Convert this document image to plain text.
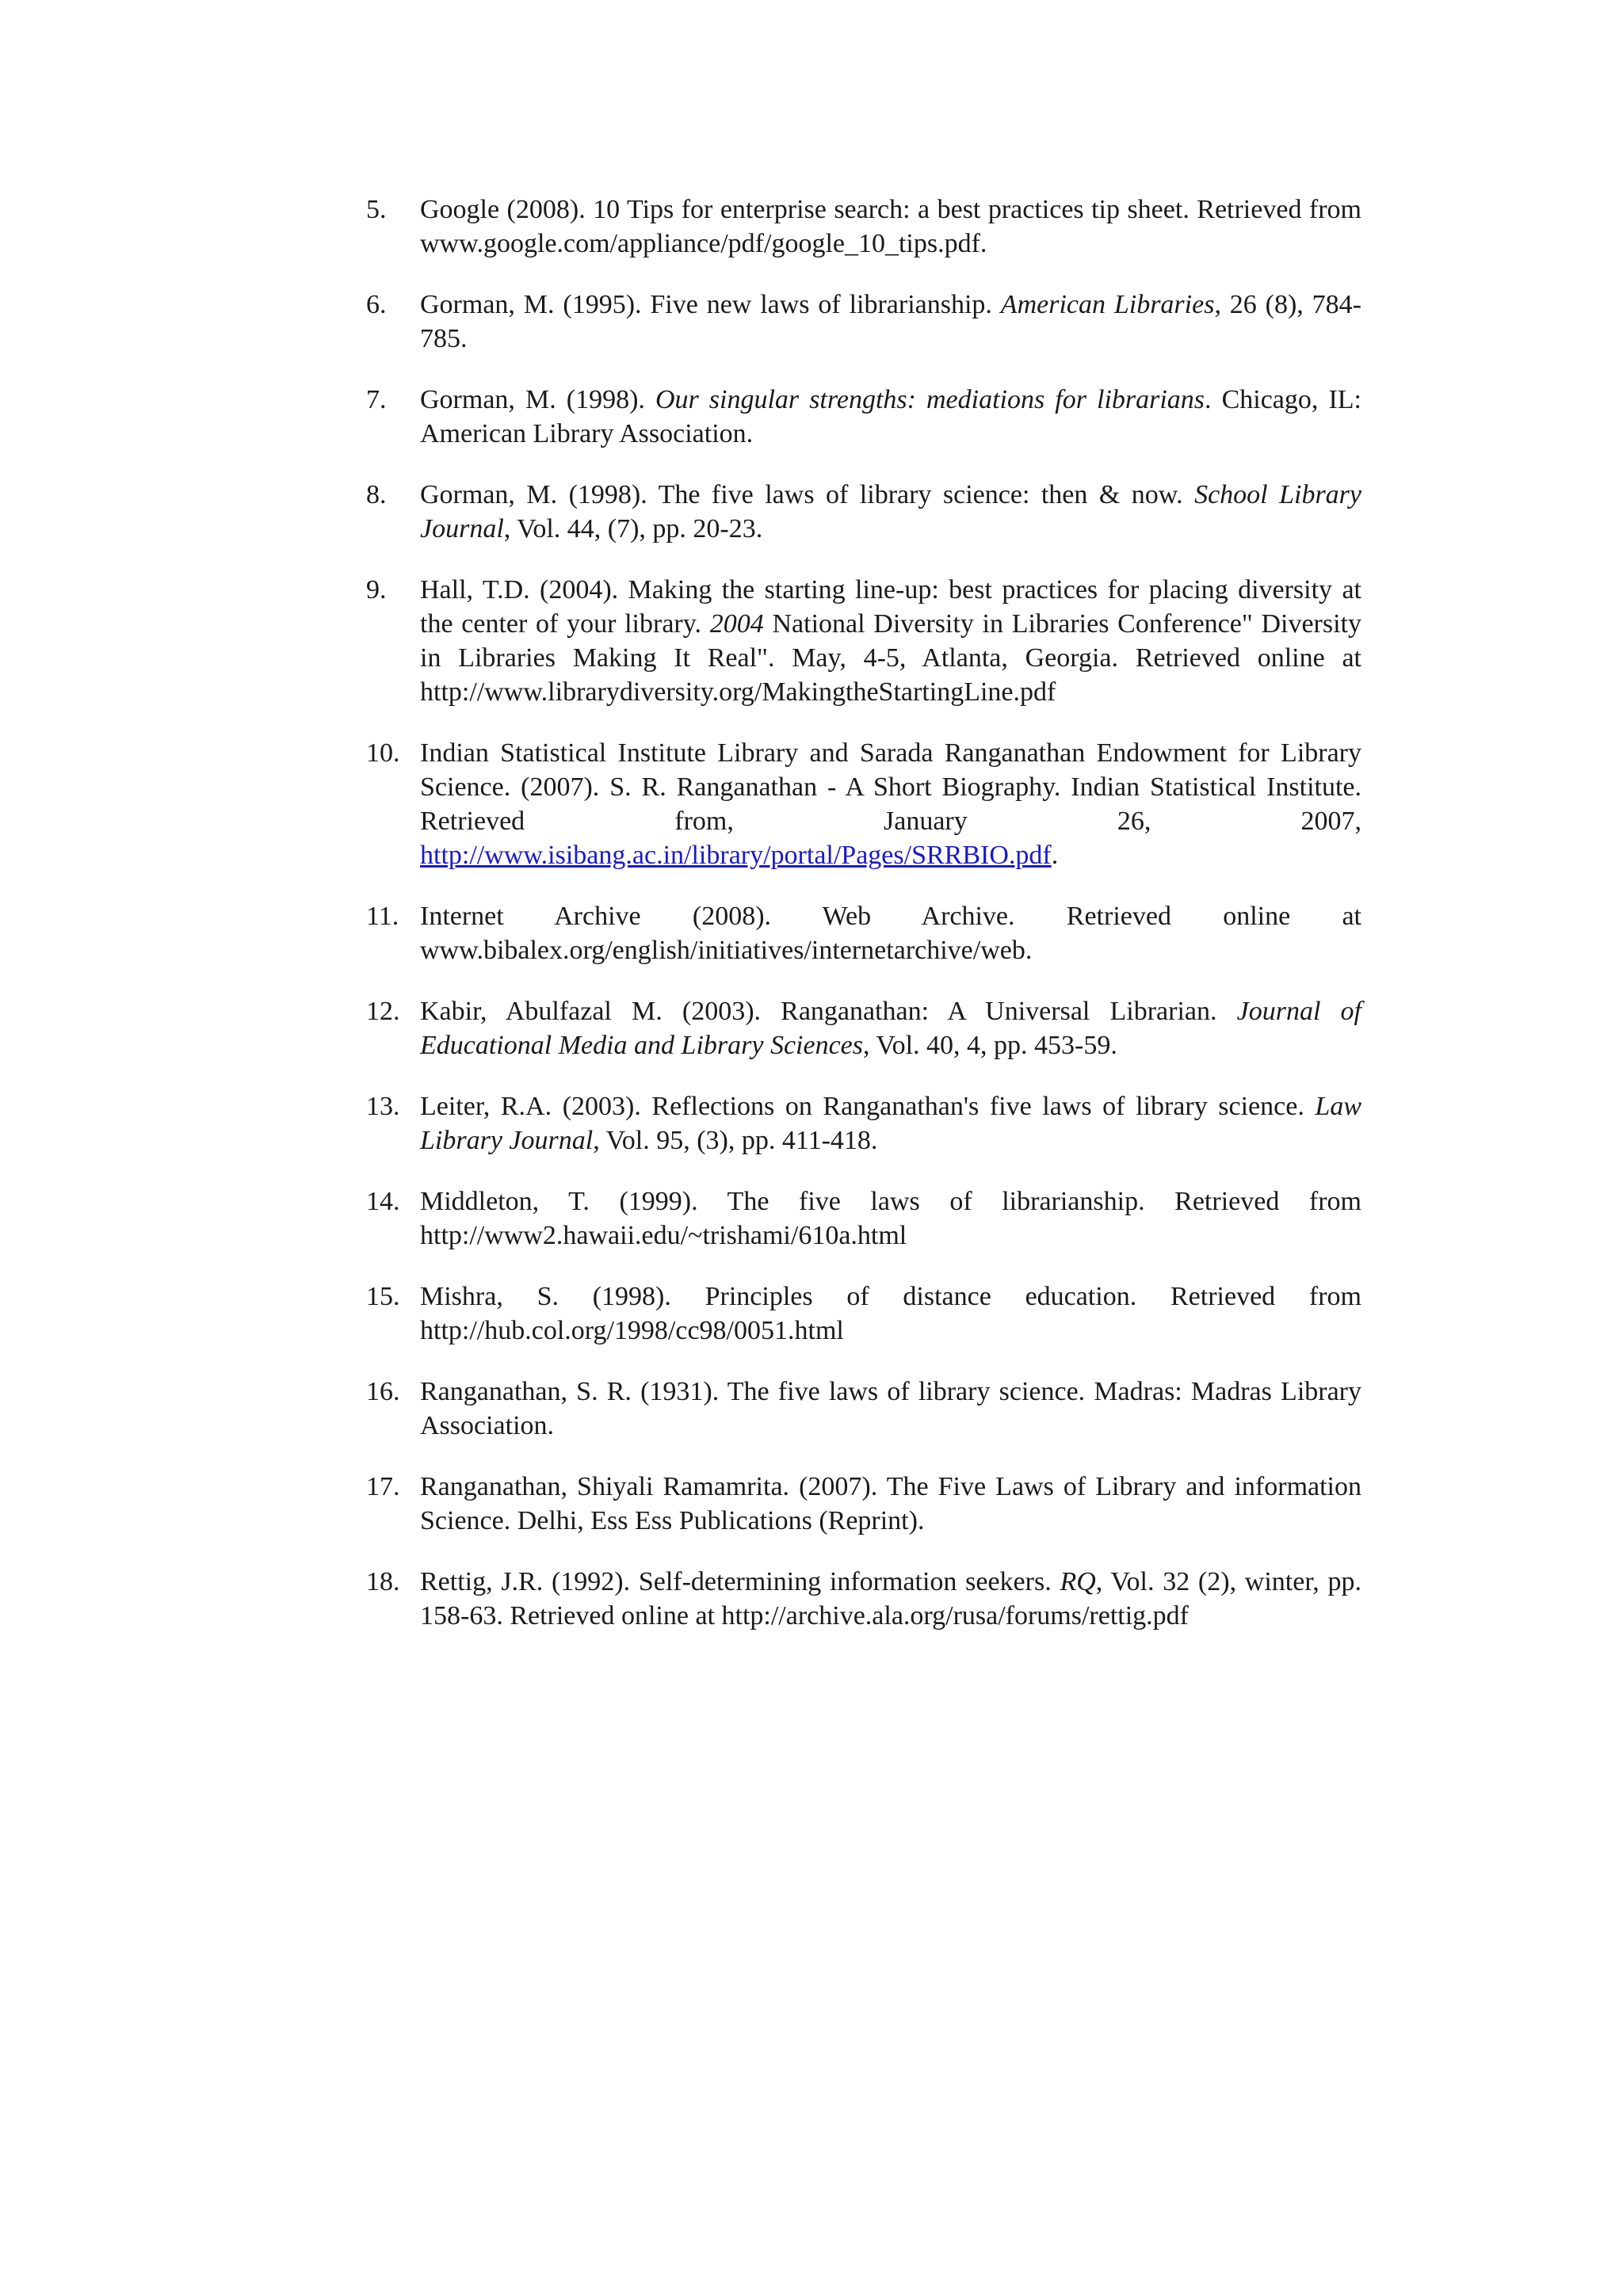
5.	Google (2008). 10 Tips for enterprise search: a best practices tip sheet. Retrieved from www.google.com/appliance/pdf/google_10_tips.pdf.
6.	Gorman, M. (1995). Five new laws of librarianship. American Libraries, 26 (8), 784-785.
7.	Gorman, M. (1998). Our singular strengths: mediations for librarians. Chicago, IL: American Library Association.
8.	Gorman, M. (1998). The five laws of library science: then & now. School Library Journal, Vol. 44, (7), pp. 20-23.
9.	Hall, T.D. (2004). Making the starting line-up: best practices for placing diversity at the center of your library. 2004 National Diversity in Libraries Conference" Diversity in Libraries Making It Real". May, 4-5, Atlanta, Georgia. Retrieved online at http://www.librarydiversity.org/MakingtheStartingLine.pdf
10. Indian Statistical Institute Library and Sarada Ranganathan Endowment for Library Science. (2007). S. R. Ranganathan - A Short Biography. Indian Statistical Institute. Retrieved from, January 26, 2007, http://www.isibang.ac.in/library/portal/Pages/SRRBIO.pdf.
11. Internet Archive (2008). Web Archive. Retrieved online at www.bibalex.org/english/initiatives/internetarchive/web.
12. Kabir, Abulfazal M. (2003). Ranganathan: A Universal Librarian. Journal of Educational Media and Library Sciences, Vol. 40, 4, pp. 453-59.
13. Leiter, R.A. (2003). Reflections on Ranganathan's five laws of library science. Law Library Journal, Vol. 95, (3), pp. 411-418.
14. Middleton, T. (1999). The five laws of librarianship. Retrieved from http://www2.hawaii.edu/~trishami/610a.html
15. Mishra, S. (1998). Principles of distance education. Retrieved from http://hub.col.org/1998/cc98/0051.html
16. Ranganathan, S. R. (1931). The five laws of library science. Madras: Madras Library Association.
17. Ranganathan, Shiyali Ramamrita. (2007). The Five Laws of Library and information Science. Delhi, Ess Ess Publications (Reprint).
18. Rettig, J.R. (1992). Self-determining information seekers. RQ, Vol. 32 (2), winter, pp. 158-63. Retrieved online at http://archive.ala.org/rusa/forums/rettig.pdf
